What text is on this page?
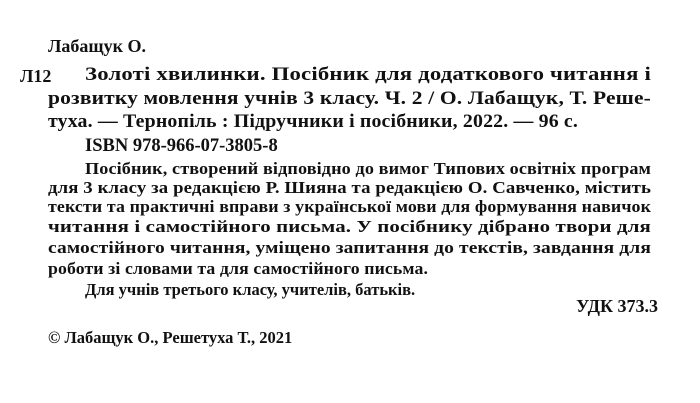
Лабащук О.
Л12 Золоті хвилинки. Посібник для додаткового читання і
розвитку мовлення учнів 3 класу. Ч. 2 / О. Лабащук, Т. Реше-
туха. — Тернопіль : Підручники і посібники, 2022. — 96 с.
ISBN 978-966-07-3805-8
Посібник, створений відповідно до вимог Типових освітніх програм
для 3 класу за редакцією Р. Шияна та редакцією О. Савченко, містить
тексти та практичні вправи з української мови для формування навичок
читання і самостійного письма. У посібнику дібрано твори для
самостійного читання, уміщено запитання до текстів, завдання для
роботи зі словами та для самостійного письма.
Для учнів третього класу, учителів, батьків.
УДК 373.3
© Лабащук О., Решетуха Т., 2021
